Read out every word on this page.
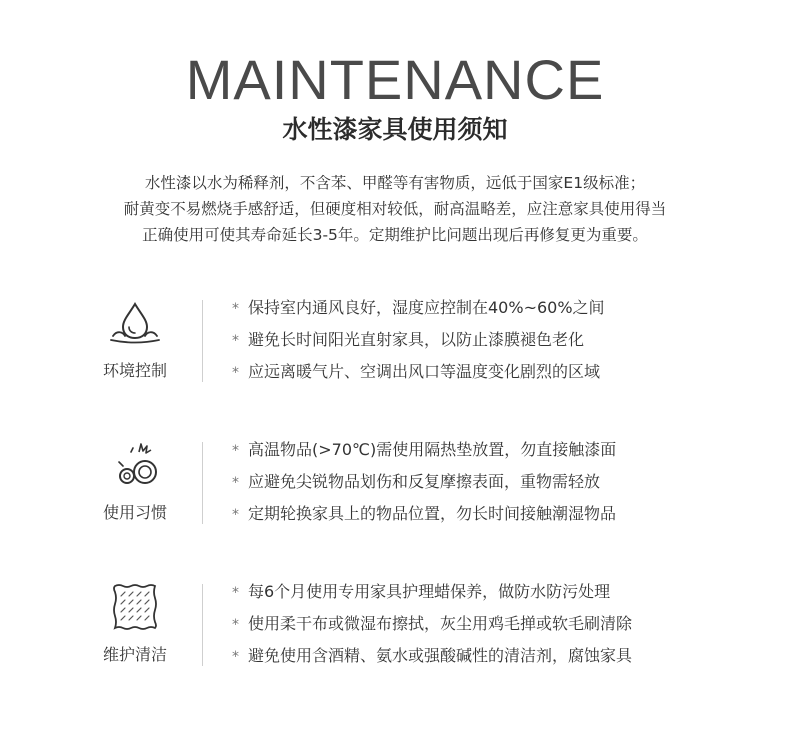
MAINTENANCE
水性漆家具使用须知
水性漆以水为稀释剂，不含苯、甲醛等有害物质，远低于国家E1级标准；
耐黄变不易燃烧手感舒适，但硬度相对较低，耐高温略差，应注意家具使用得当
正确使用可使其寿命延长3-5年。定期维护比问题出现后再修复更为重要。
环境控制
* 保持室内通风良好，湿度应控制在40%~60%之间
* 避免长时间阳光直射家具，以防止漆膜褪色老化
* 应远离暖气片、空调出风口等温度变化剧烈的区域
使用习惯
* 高温物品(>70℃)需使用隔热垫放置，勿直接触漆面
* 应避免尖锐物品划伤和反复摩擦表面，重物需轻放
* 定期轮换家具上的物品位置，勿长时间接触潮湿物品
维护清洁
* 每6个月使用专用家具护理蜡保养，做防水防污处理
* 使用柔干布或微湿布擦拭，灰尘用鸡毛掸或软毛刷清除
* 避免使用含酒精、氨水或强酸碱性的清洁剂，腐蚀家具
